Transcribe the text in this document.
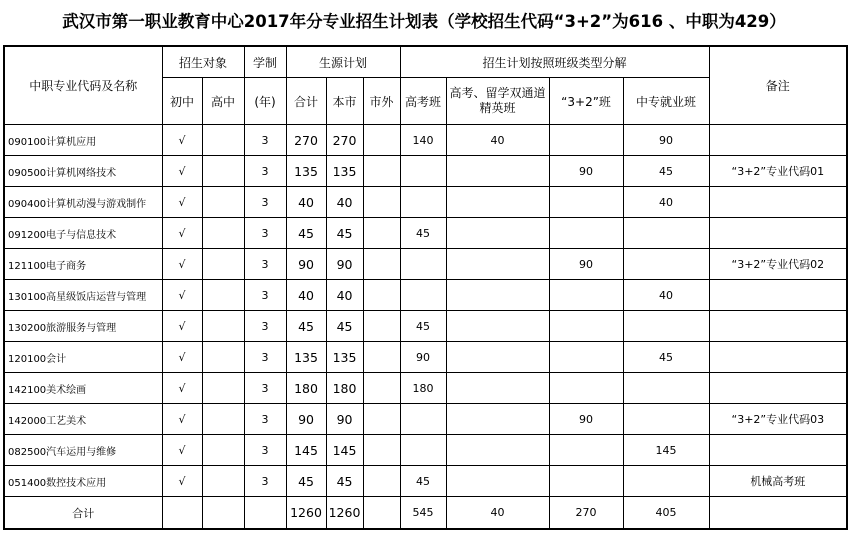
武汉市第一职业教育中心2017年分专业招生计划表（学校招生代码“3+2”为616 、中职为429）
中职专业代码及名称	招生对象		学制	生源计划			招生计划按照班级类型分解				备注
	初中	高中	(年)	合计	本市	市外	高考班	高考、留学双通道精英班	“3+2”班	中专就业班	
090100计算机应用	√		3	270	270		140	40		90	
090500计算机网络技术	√		3	135	135				90	45	“3+2”专业代码01
090400计算机动漫与游戏制作	√		3	40	40					40	
091200电子与信息技术	√		3	45	45		45				
121100电子商务	√		3	90	90				90		“3+2”专业代码02
130100高星级饭店运营与管理	√		3	40	40					40	
130200旅游服务与管理	√		3	45	45		45				
120100会计	√		3	135	135		90			45	
142100美术绘画	√		3	180	180		180				
142000工艺美术	√		3	90	90				90		“3+2”专业代码03
082500汽车运用与维修	√		3	145	145					145	
051400数控技术应用	√		3	45	45		45				机械高考班
合计				1260	1260		545	40	270	405	
